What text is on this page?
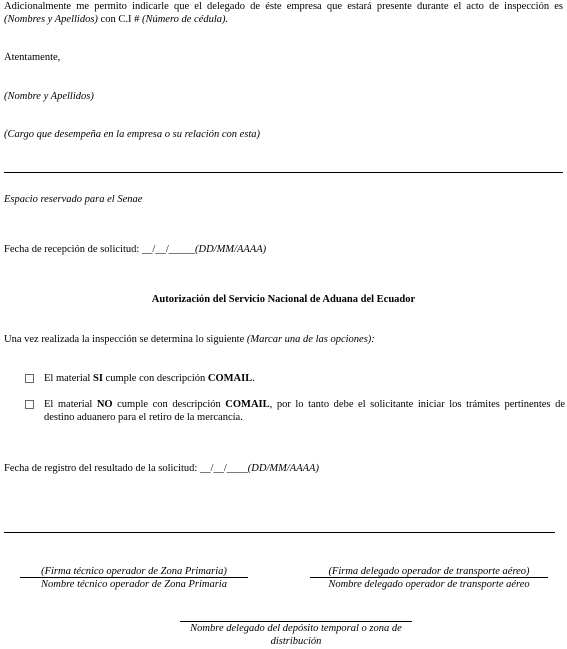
Adicionalmente me permito indicarle que el delegado de éste empresa que estará presente durante el acto de inspección es
(Nombres y Apellidos) con C.I # (Número de cédula).
Atentamente,
(Nombre y Apellidos)
(Cargo que desempeña en la empresa o su relación con esta)
Espacio reservado para el Senae
Fecha de recepción de solicitud: __/__/_____(DD/MM/AAAA)
Autorización del Servicio Nacional de Aduana del Ecuador
Una vez realizada la inspección se determina lo siguiente (Marcar una de las opciones):
El material SI cumple con descripción COMAIL.
El material NO cumple con descripción COMAIL, por lo tanto debe el solicitante iniciar los trámites pertinentes de destino aduanero para el retiro de la mercancía.
Fecha de registro del resultado de la solicitud: __/__/____(DD/MM/AAAA)
(Firma técnico operador de Zona Primaria)
Nombre técnico operador de Zona Primaria
(Firma delegado operador de transporte aéreo)
Nombre delegado operador de transporte aéreo
Nombre delegado del depósito temporal o zona de distribución
